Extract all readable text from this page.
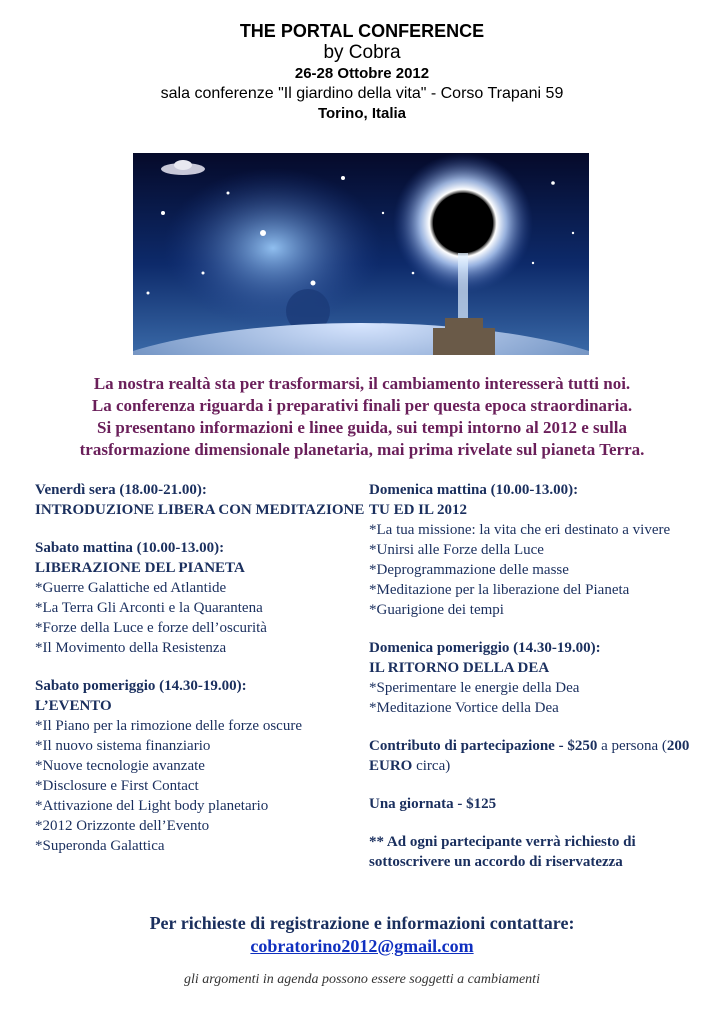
THE PORTAL CONFERENCE
by Cobra
26-28 Ottobre 2012
sala conferenze "Il giardino della vita" - Corso Trapani 59
Torino, Italia
La nostra realtà sta per trasformarsi, il cambiamento interesserà tutti noi.
La conferenza riguarda i preparativi finali per questa epoca straordinaria.
Si presentano informazioni e linee guida, sui tempi intorno al 2012 e sulla
trasformazione dimensionale planetaria, mai prima rivelate sul pianeta Terra.
Venerdì sera (18.00-21.00):
INTRODUZIONE LIBERA CON MEDITAZIONE
Sabato mattina (10.00-13.00):
LIBERAZIONE DEL PIANETA
*Guerre Galattiche ed Atlantide
*La Terra Gli Arconti e la Quarantena
*Forze della Luce e forze dell’oscurità
*Il Movimento della Resistenza
Sabato pomeriggio (14.30-19.00):
L’EVENTO
*Il Piano per la rimozione delle forze oscure
*Il nuovo sistema finanziario
*Nuove tecnologie avanzate
*Disclosure e First Contact
*Attivazione del Light body planetario
*2012 Orizzonte dell’Evento
*Superonda Galattica
Domenica mattina (10.00-13.00):
TU ED IL 2012
*La tua missione: la vita che eri destinato a vivere
*Unirsi alle Forze della Luce
*Deprogrammazione delle masse
*Meditazione per la liberazione del Pianeta
*Guarigione dei tempi
Domenica pomeriggio (14.30-19.00):
IL RITORNO DELLA DEA
*Sperimentare le energie della Dea
*Meditazione Vortice della Dea
Contributo di partecipazione - $250 a persona (200 EURO circa)
Una giornata - $125
** Ad ogni partecipante verrà richiesto di sottoscrivere un accordo di riservatezza
Per richieste di registrazione e informazioni contattare:
cobratorino2012@gmail.com
gli argomenti in agenda possono essere soggetti a cambiamenti
